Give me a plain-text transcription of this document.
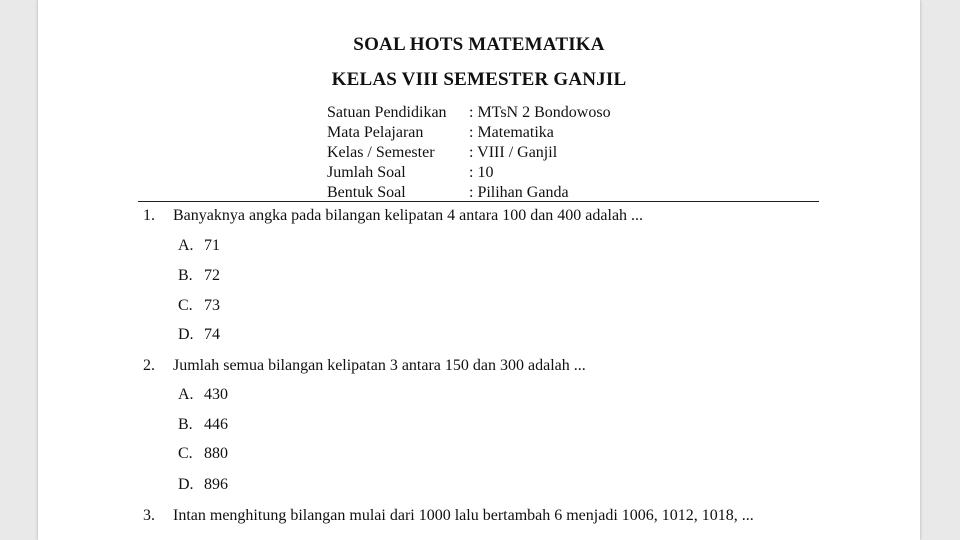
SOAL HOTS MATEMATIKA
KELAS VIII SEMESTER GANJIL
Satuan Pendidikan	: MTsN 2 Bondowoso
Mata Pelajaran	: Matematika
Kelas / Semester	: VIII / Ganjil
Jumlah Soal	: 10
Bentuk Soal	: Pilihan Ganda
1. Banyaknya angka pada bilangan kelipatan 4 antara 100 dan 400 adalah ...
A. 71
B. 72
C. 73
D. 74
2. Jumlah semua bilangan kelipatan 3 antara 150 dan 300 adalah ...
A. 430
B. 446
C. 880
D. 896
3. Intan menghitung bilangan mulai dari 1000 lalu bertambah 6 menjadi 1006, 1012, 1018, ...
